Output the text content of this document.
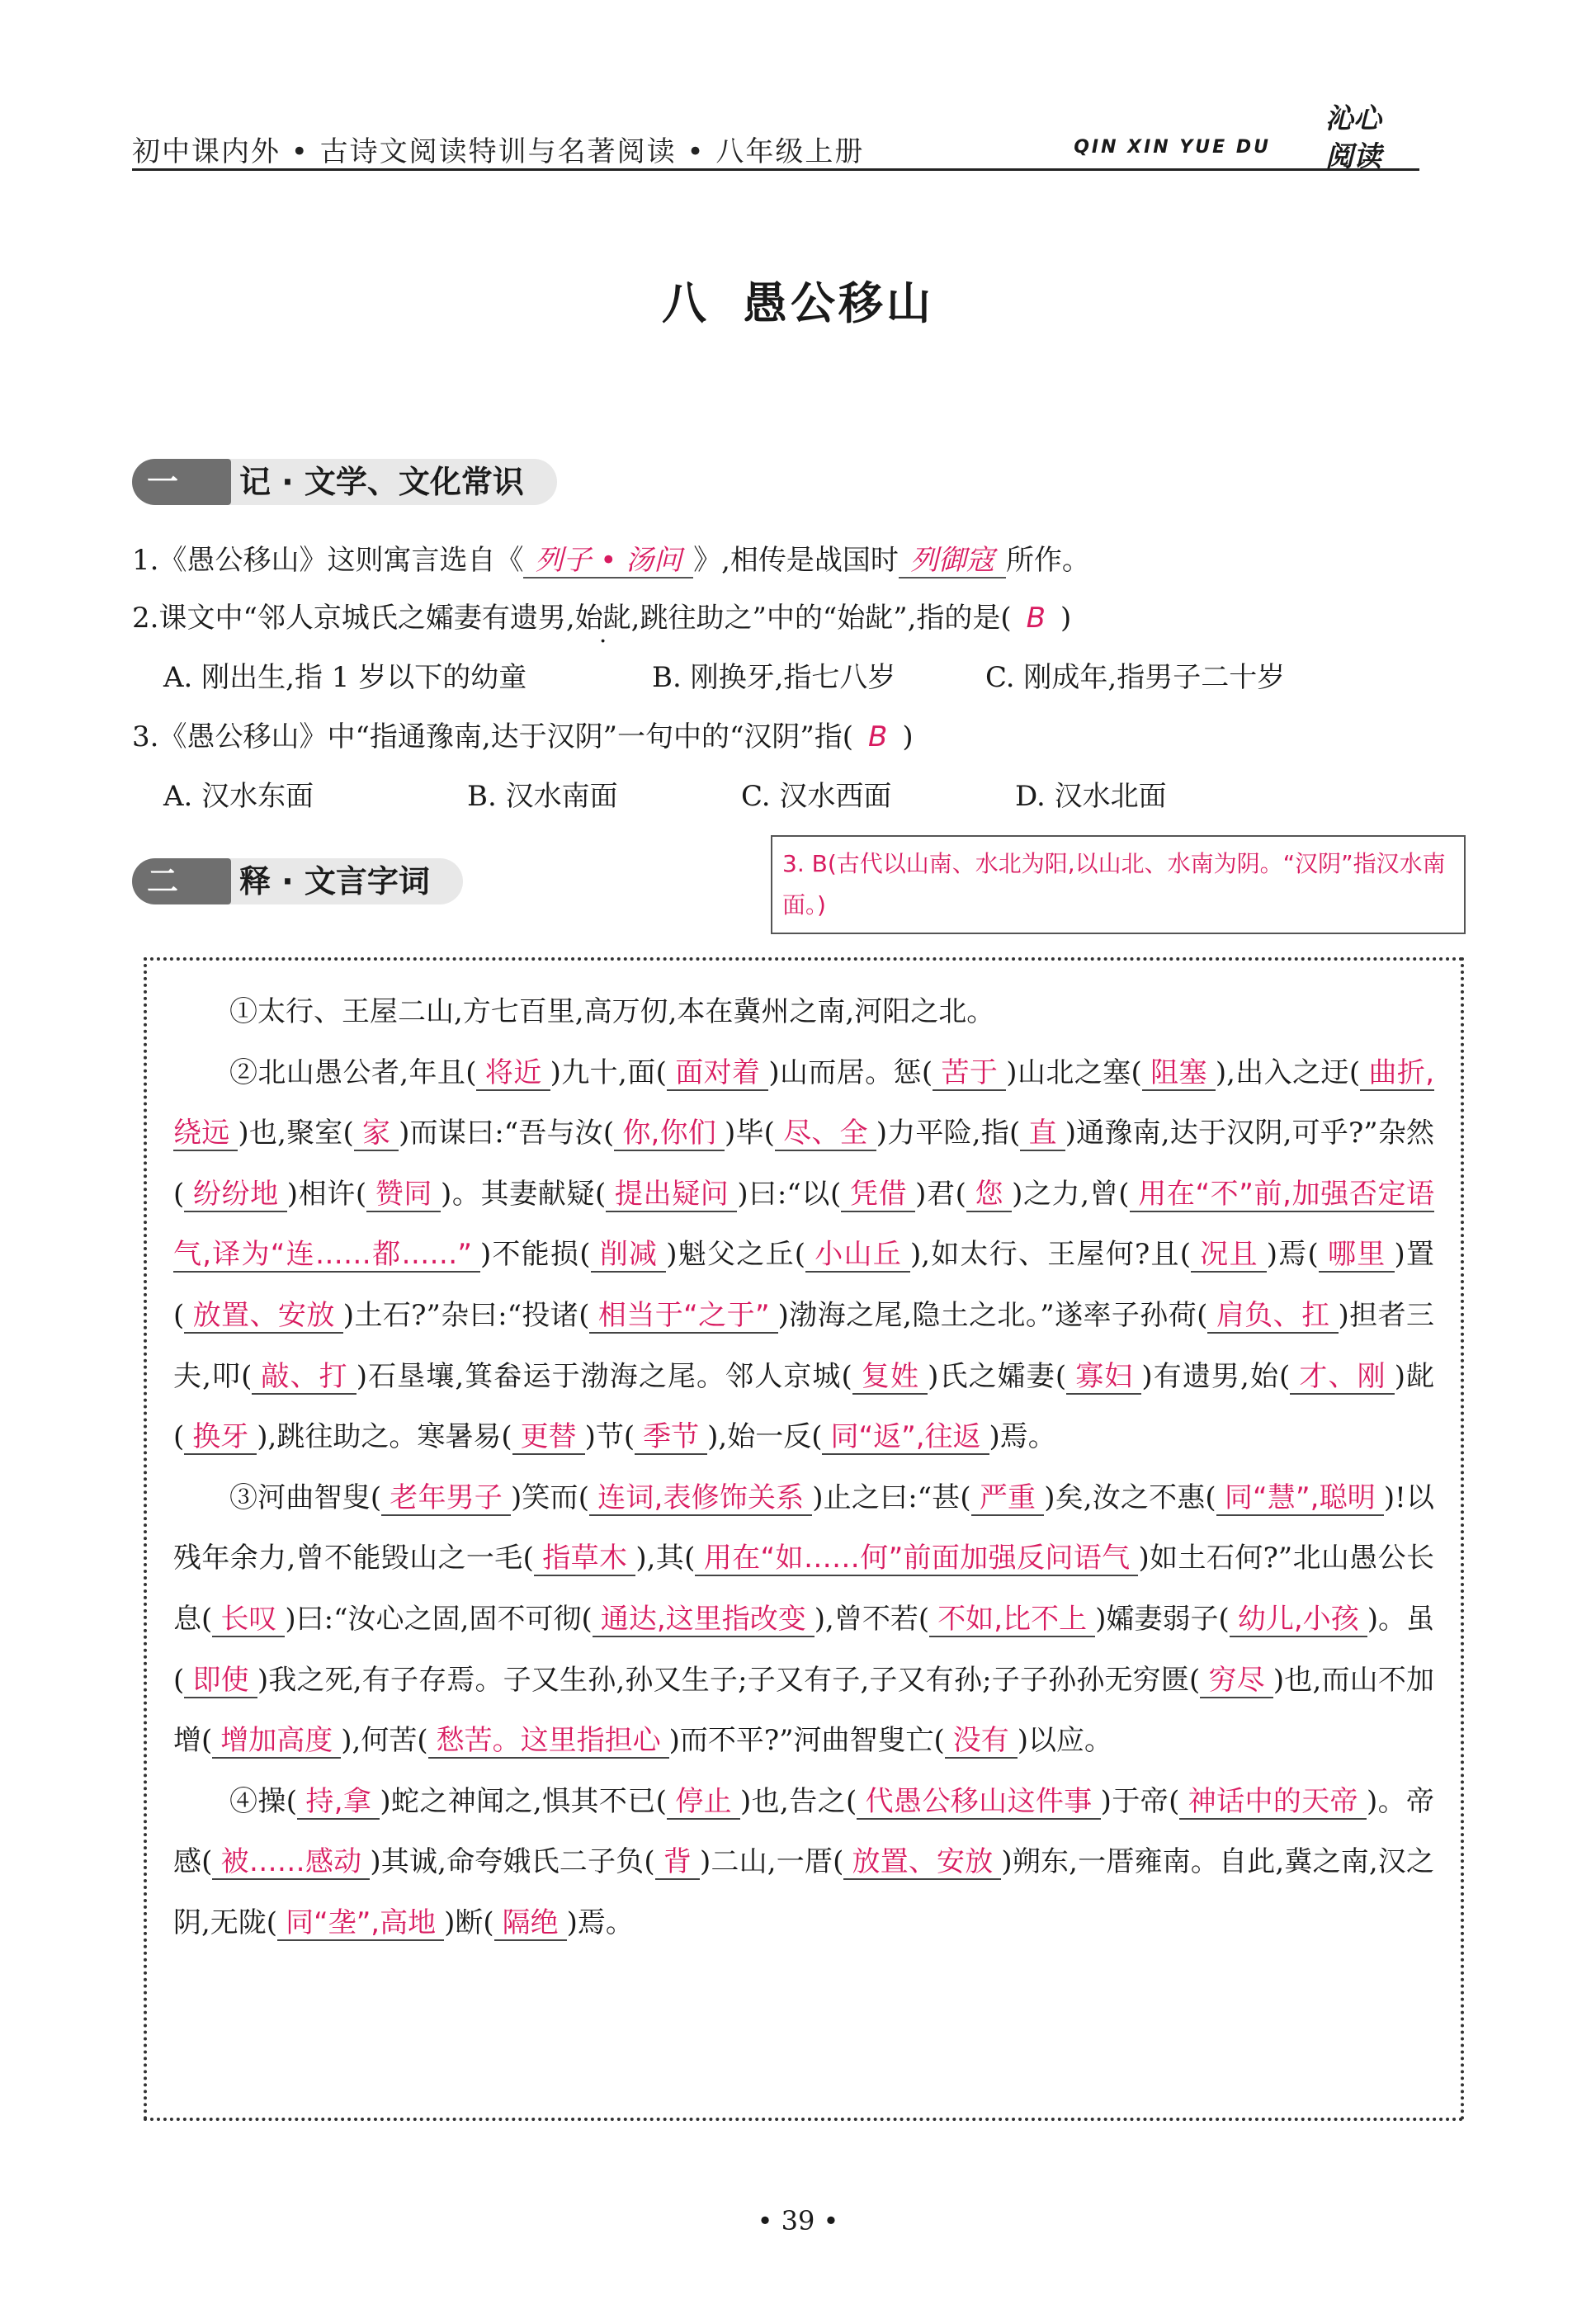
初中课内外 • 古诗文阅读特训与名著阅读 • 八年级上册	QIN XIN YUE DU
沁心
阅读
八 愚公移山
记 · 文学、文化常识
一
1.《愚公移山》这则寓言选自《 列子 • 汤问 》,相传是战国时 列御寇 所作。
2.课文中“邻人京城氏之孀妻有遗男,始龀,跳往助之”中的“始龀”,指的是( B )
A. 刚出生,指 1 岁以下的幼童	B. 刚换牙,指七八岁	C. 刚成年,指男子二十岁
3.《愚公移山》中“指通豫南,达于汉阴”一句中的“汉阴”指( B )
A. 汉水东面	B. 汉水南面	C. 汉水西面	D. 汉水北面
释 · 文言字词
二	3. B(古代以山南、水北为阳,以山北、水南为阴。“汉阴”指汉水南面。)
①太行、王屋二山,方七百里,高万仞,本在冀州之南,河阳之北。
②北山愚公者,年且( 将近 )九十,面( 面对着 )山而居。惩( 苦于 )山北之塞( 阻塞 ),出入之迂( 曲折,绕远 )也,聚室( 家 )而谋曰:“吾与汝( 你,你们 )毕( 尽、全 )力平险,指( 直 )通豫南,达于汉阴,可乎?”杂然( 纷纷地 )相许( 赞同 )。其妻献疑( 提出疑问 )曰:“以( 凭借 )君( 您 )之力,曾( 用在“不”前,加强否定语气,译为“连……都……” )不能损( 削减 )魁父之丘( 小山丘 ),如太行、王屋何?且( 况且 )焉( 哪里 )置( 放置、安放 )土石?”杂曰:“投诸( 相当于“之于” )渤海之尾,隐土之北。”遂率子孙荷( 肩负、扛 )担者三夫,叩( 敲、打 )石垦壤,箕畚运于渤海之尾。邻人京城( 复姓 )氏之孀妻( 寡妇 )有遗男,始( 才、刚 )龀( 换牙 ),跳往助之。寒暑易( 更替 )节( 季节 ),始一反( 同“返”,往返 )焉。
③河曲智叟( 老年男子 )笑而( 连词,表修饰关系 )止之曰:“甚( 严重 )矣,汝之不惠( 同“慧”,聪明 )!以残年余力,曾不能毁山之一毛( 指草木 ),其( 用在“如……何”前面加强反问语气 )如土石何?”北山愚公长息( 长叹 )曰:“汝心之固,固不可彻( 通达,这里指改变 ),曾不若( 不如,比不上 )孀妻弱子( 幼儿,小孩 )。虽( 即使 )我之死,有子存焉。子又生孙,孙又生子;子又有子,子又有孙;子子孙孙无穷匮( 穷尽 )也,而山不加增( 增加高度 ),何苦( 愁苦。这里指担心 )而不平?”河曲智叟亡( 没有 )以应。
④操( 持,拿 )蛇之神闻之,惧其不已( 停止 )也,告之( 代愚公移山这件事 )于帝( 神话中的天帝 )。帝感( 被……感动 )其诚,命夸娥氏二子负( 背 )二山,一厝( 放置、安放 )朔东,一厝雍南。自此,冀之南,汉之阴,无陇( 同“垄”,高地 )断( 隔绝 )焉。
• 39 •
